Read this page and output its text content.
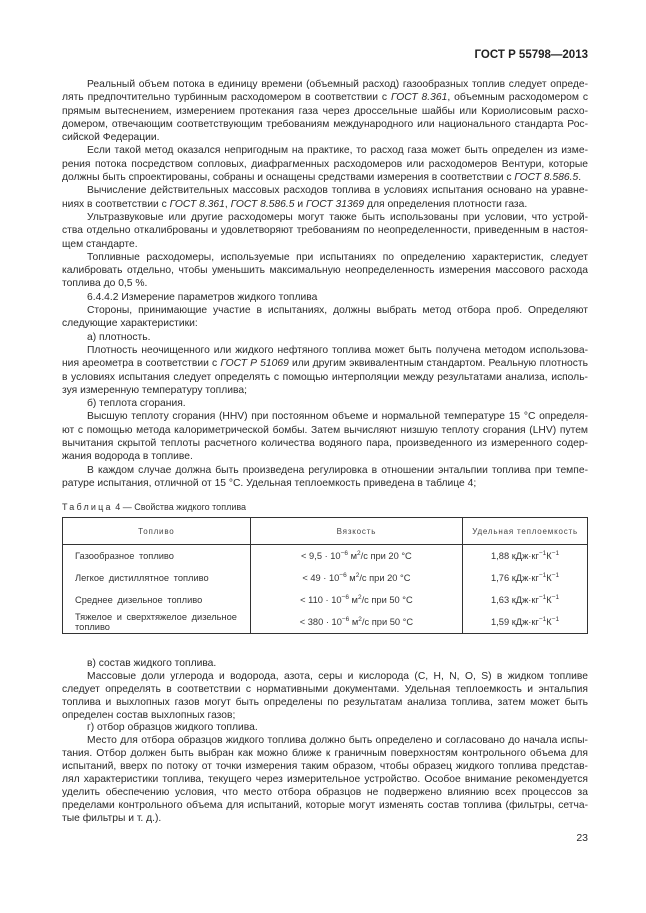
ГОСТ Р 55798—2013
Реальный объем потока в единицу времени (объемный расход) газообразных топлив следует опреде-
лять предпочтительно турбинным расходомером в соответствии с ГОСТ 8.361, объемным расходомером с
прямым вытеснением, измерением протекания газа через дроссельные шайбы или Кориолисовым расхо-
домером, отвечающим соответствующим требованиям международного или национального стандарта Рос-
сийской Федерации.
Если такой метод оказался непригодным на практике, то расход газа может быть определен из изме-
рения потока посредством сопловых, диафрагменных расходомеров или расходомеров Вентури, которые
должны быть спроектированы, собраны и оснащены средствами измерения в соответствии с ГОСТ 8.586.5.
Вычисление действительных массовых расходов топлива в условиях испытания основано на уравне-
ниях в соответствии с ГОСТ 8.361, ГОСТ 8.586.5 и ГОСТ 31369 для определения плотности газа.
Ультразвуковые или другие расходомеры могут также быть использованы при условии, что устрой-
ства отдельно откалиброваны и удовлетворяют требованиям по неопределенности, приведенным в настоя-
щем стандарте.
Топливные расходомеры, используемые при испытаниях по определению характеристик, следует
калибровать отдельно, чтобы уменьшить максимальную неопределенность измерения массового расхода
топлива до 0,5 %.
6.4.4.2 Измерение параметров жидкого топлива
Стороны, принимающие участие в испытаниях, должны выбрать метод отбора проб. Определяют
следующие характеристики:
а) плотность.
Плотность неочищенного или жидкого нефтяного топлива может быть получена методом использова-
ния ареометра в соответствии с ГОСТ Р 51069 или другим эквивалентным стандартом. Реальную плотность
в условиях испытания следует определять с помощью интерполяции между результатами анализа, исполь-
зуя измеренную температуру топлива;
б) теплота сгорания.
Высшую теплоту сгорания (HHV) при постоянном объеме и нормальной температуре 15 °С определя-
ют с помощью метода калориметрической бомбы. Затем вычисляют низшую теплоту сгорания (LHV) путем
вычитания скрытой теплоты расчетного количества водяного пара, произведенного из измеренного содер-
жания водорода в топливе.
В каждом случае должна быть произведена регулировка в отношении энтальпии топлива при темпе-
ратуре испытания, отличной от 15 °С. Удельная теплоемкость приведена в таблице 4;
Таблица 4 — Свойства жидкого топлива
Топливо	Вязкость	Удельная теплоемкость
Газообразное топливо	< $9,5 \cdot 10^{-6}$ $м^2/с$ при 20 °С	1,88 $кДж\cdot кг^{-1}К^{-1}$
Легкое дистиллятное топливо	< $49 \cdot 10^{-6}$ $м^2/с$ при 20 °С	1,76 $кДж\cdot кг^{-1}К^{-1}$
Среднее дизельное топливо	< $110 \cdot 10^{-6}$ $м^2/с$ при 50 °С	1,63 $кДж\cdot кг^{-1}К^{-1}$
Тяжелое и сверхтяжелое дизельное топливо	< $380 \cdot 10^{-6}$ $м^2/с$ при 50 °С	1,59 $кДж\cdot кг^{-1}К^{-1}$
в) состав жидкого топлива.
Массовые доли углерода и водорода, азота, серы и кислорода (С, Н, N, О, S) в жидком топливе
следует определять в соответствии с нормативными документами. Удельная теплоемкость и энтальпия
топлива и выхлопных газов могут быть определены по результатам анализа топлива, затем может быть
определен состав выхлопных газов;
г) отбор образцов жидкого топлива.
Место для отбора образцов жидкого топлива должно быть определено и согласовано до начала испы-
тания. Отбор должен быть выбран как можно ближе к граничным поверхностям контрольного объема для
испытаний, вверх по потоку от точки измерения таким образом, чтобы образец жидкого топлива представ-
лял характеристики топлива, текущего через измерительное устройство. Особое внимание рекомендуется
уделить обеспечению условия, что место отбора образцов не подвержено влиянию всех процессов за
пределами контрольного объема для испытаний, которые могут изменять состав топлива (фильтры, сетча-
тые фильтры и т. д.).
23
